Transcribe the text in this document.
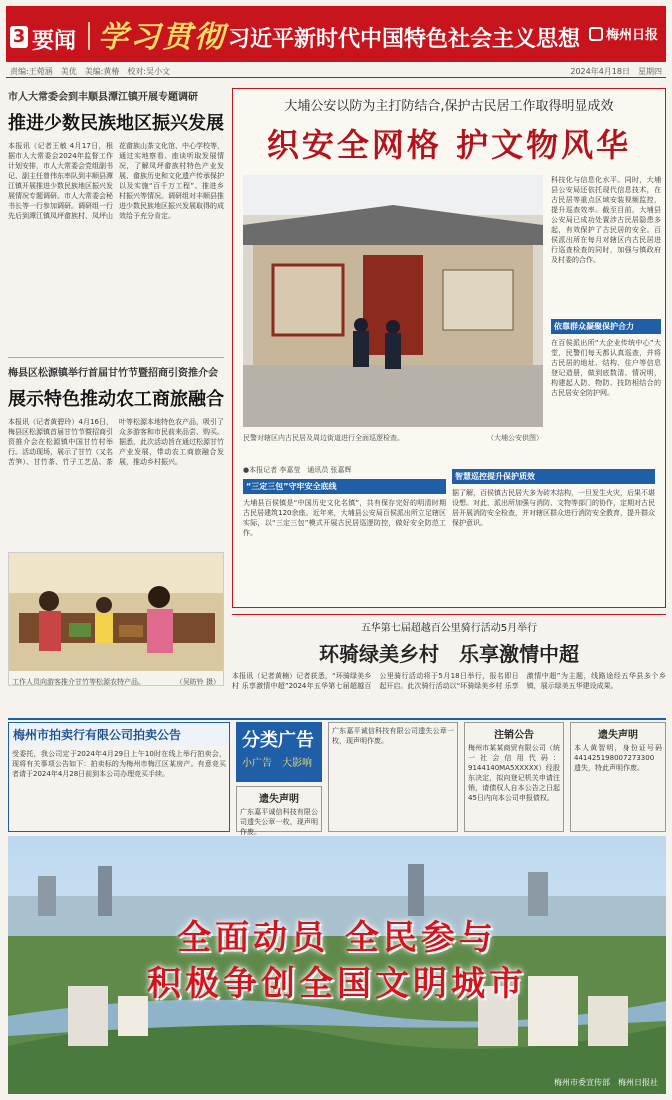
3 要闻 学习贯彻 习近平新时代中国特色社会主义思想	梅州日报
责编:王菀涵　美优　美编:黄椿　校对:吴小文	2024年4月18日　星期四
市人大常委会到丰顺县潭江镇开展专题调研
推进少数民族地区振兴发展
本报讯（记者王敏 4月17日，根据市人大常委会2024年监督工作计划安排，市人大常委会党组副书记、副主任曾伟东率队到丰顺县潭江镇开展推进少数民族地区振兴发展情况专题调研。市人大常委会秘书长等一行参加调研。调研组一行先后到潭江镇凤坪畲族村、凤坪山花畲族山茶文化馆、中心学校等，通过实地察看、座谈听取发展情况，了解凤坪畲族村特色产业发展、畲族历史和文化遗产传承保护以及实施“百千万工程”、推进乡村振兴等情况。调研组对丰顺县推进少数民族地区振兴发展取得的成效给予充分肯定。
梅县区松源镇举行首届甘竹节暨招商引资推介会
展示特色推动农工商旅融合
本报讯（记者黄碧玲）4月16日，梅县区松源镇首届甘竹节暨招商引资推介会在松源镇中国甘竹村举行。活动现场，展示了甘竹（又名苦笋）、甘竹茶、竹子工艺品、茶叶等松源本地特色农产品，吸引了众多游客和市民前来品尝、购买。据悉，此次活动旨在通过松源甘竹产业发展，带动农工商旅融合发展，推动乡村振兴。
工作人员向游客推介甘竹等松源农特产品。	（吴昉铃 摄）
大埔公安以防为主打防结合,保护古民居工作取得明显成效
织安全网格 护文物风华
民警对辖区内古民居及周边街道进行全面巡逻检查。	（大埔公安供图）
科技化与信息化水平。同时，大埔县公安局还依托现代信息技术，在古民居等重点区域安装视频监控，提升巡查效率。截至目前，大埔县公安局已成功处置涉古民居隐患多起，有效保护了古民居的安全。百侯派出所在每月对辖区内古民居进行巡查检查的同时，加强与镇政府及村委的合作。
依靠群众凝聚保护合力
在百侯派出所“大企业传统中心”大堂，民警们每天都认真巡查，并将古民居的地址、结构、住户等信息登记造册，做到底数清、情况明，构建起人防、物防、技防相结合的古民居安全防护网。
●本报记者 李嘉莹　通讯员 张嘉辉
“三定三包”守牢安全底线
大埔县百侯镇是“中国历史文化名镇”，共有保存完好的明清时期古民居建筑120余座。近年来，大埔县公安局百侯派出所立足辖区实际，以“三定三包”模式开展古民居巡逻防控，做好安全防范工作。
智慧巡控提升保护质效
据了解，百侯镇古民居大多为砖木结构，一旦发生火灾，后果不堪设想。对此，派出所加强与消防、文物等部门的协作，定期对古民居开展消防安全检查，并对辖区群众进行消防安全教育，提升群众保护意识。
五华第七届超越百公里骑行活动5月举行
环骑绿美乡村　乐享激情中超
本报讯（记者黄楠）记者获悉，“环骑绿美乡村 乐享激情中超”2024年五华第七届超越百公里骑行活动将于5月18日举行，报名即日起开启。此次骑行活动以“环骑绿美乡村 乐享激情中超”为主题，线路途经五华县多个乡镇，展示绿美五华建设成果。
梅州市拍卖行有限公司拍卖公告
受委托，我公司定于2024年4月29日上午10时在线上举行拍卖会，现将有关事项公告如下：拍卖标的为梅州市梅江区某房产。有意竞买者请于2024年4月28日前到本公司办理竞买手续。
分类广告
小广告　大影响
遗失声明
广东嘉平诚信科技有限公司遗失公章一枚，现声明作废。
广东嘉平诚信科技有限公司遗失公章一枚，现声明作废。	注销公告
梅州市某某商贸有限公司（统一社会信用代码：9144140MA5XXXXX）经股东决定，拟向登记机关申请注销，请债权人自本公告之日起45日内向本公司申报债权。
遗失声明
本人黄智明，身份证号码 441425198007273300 遗失，特此声明作废。
全面动员 全民参与
积极争创全国文明城市
梅州市委宣传部　梅州日报社
